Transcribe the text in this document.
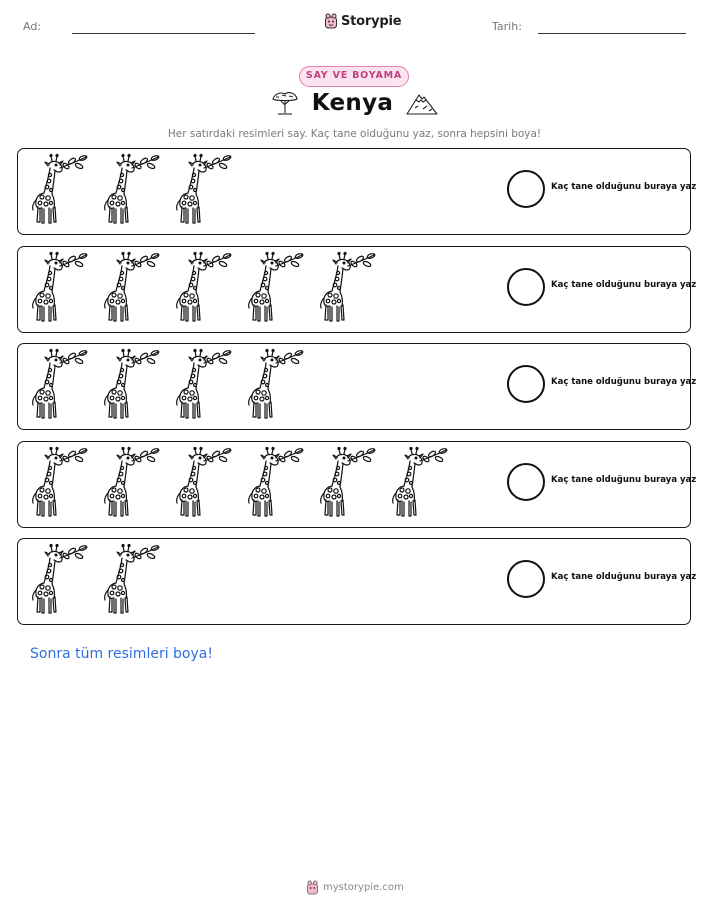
Ad:	Storypie	Tarih:
SAY VE BOYAMA
Kenya
Her satırdaki resimleri say. Kaç tane olduğunu yaz, sonra hepsini boya!
Kaç tane olduğunu buraya yaz
Kaç tane olduğunu buraya yaz
Kaç tane olduğunu buraya yaz
Kaç tane olduğunu buraya yaz
Kaç tane olduğunu buraya yaz
Sonra tüm resimleri boya!
mystorypie.com
